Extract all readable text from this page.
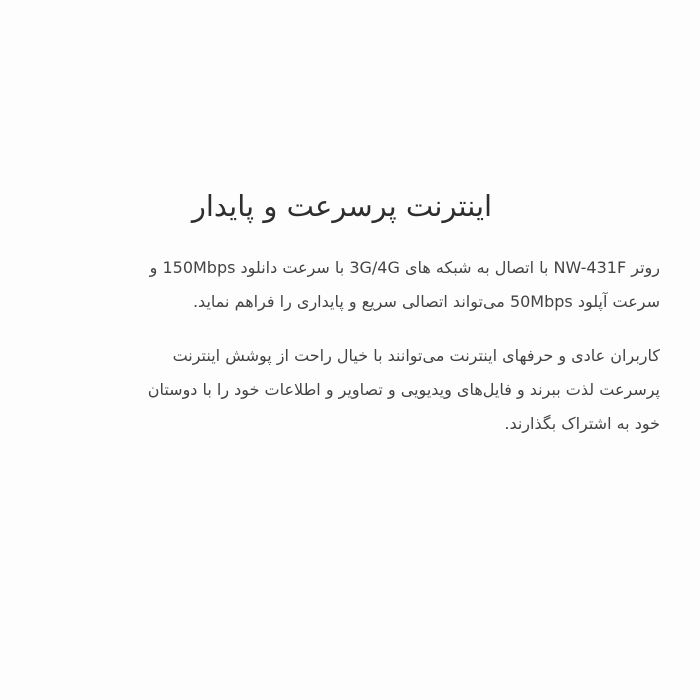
اینترنت پرسرعت و پایدار

روتر NW-431F با اتصال به شبکه های 3G/4G با سرعت دانلود 150Mbps و
سرعت آپلود 50Mbps می‌تواند اتصالی سریع و پایداری را فراهم نماید.

کاربران عادی و حرفهای اینترنت می‌توانند با خیال راحت از پوشش اینترنت
پرسرعت لذت ببرند و فایل‌های ویدیویی و تصاویر و اطلاعات خود را با دوستان
خود به اشتراک بگذارند.
